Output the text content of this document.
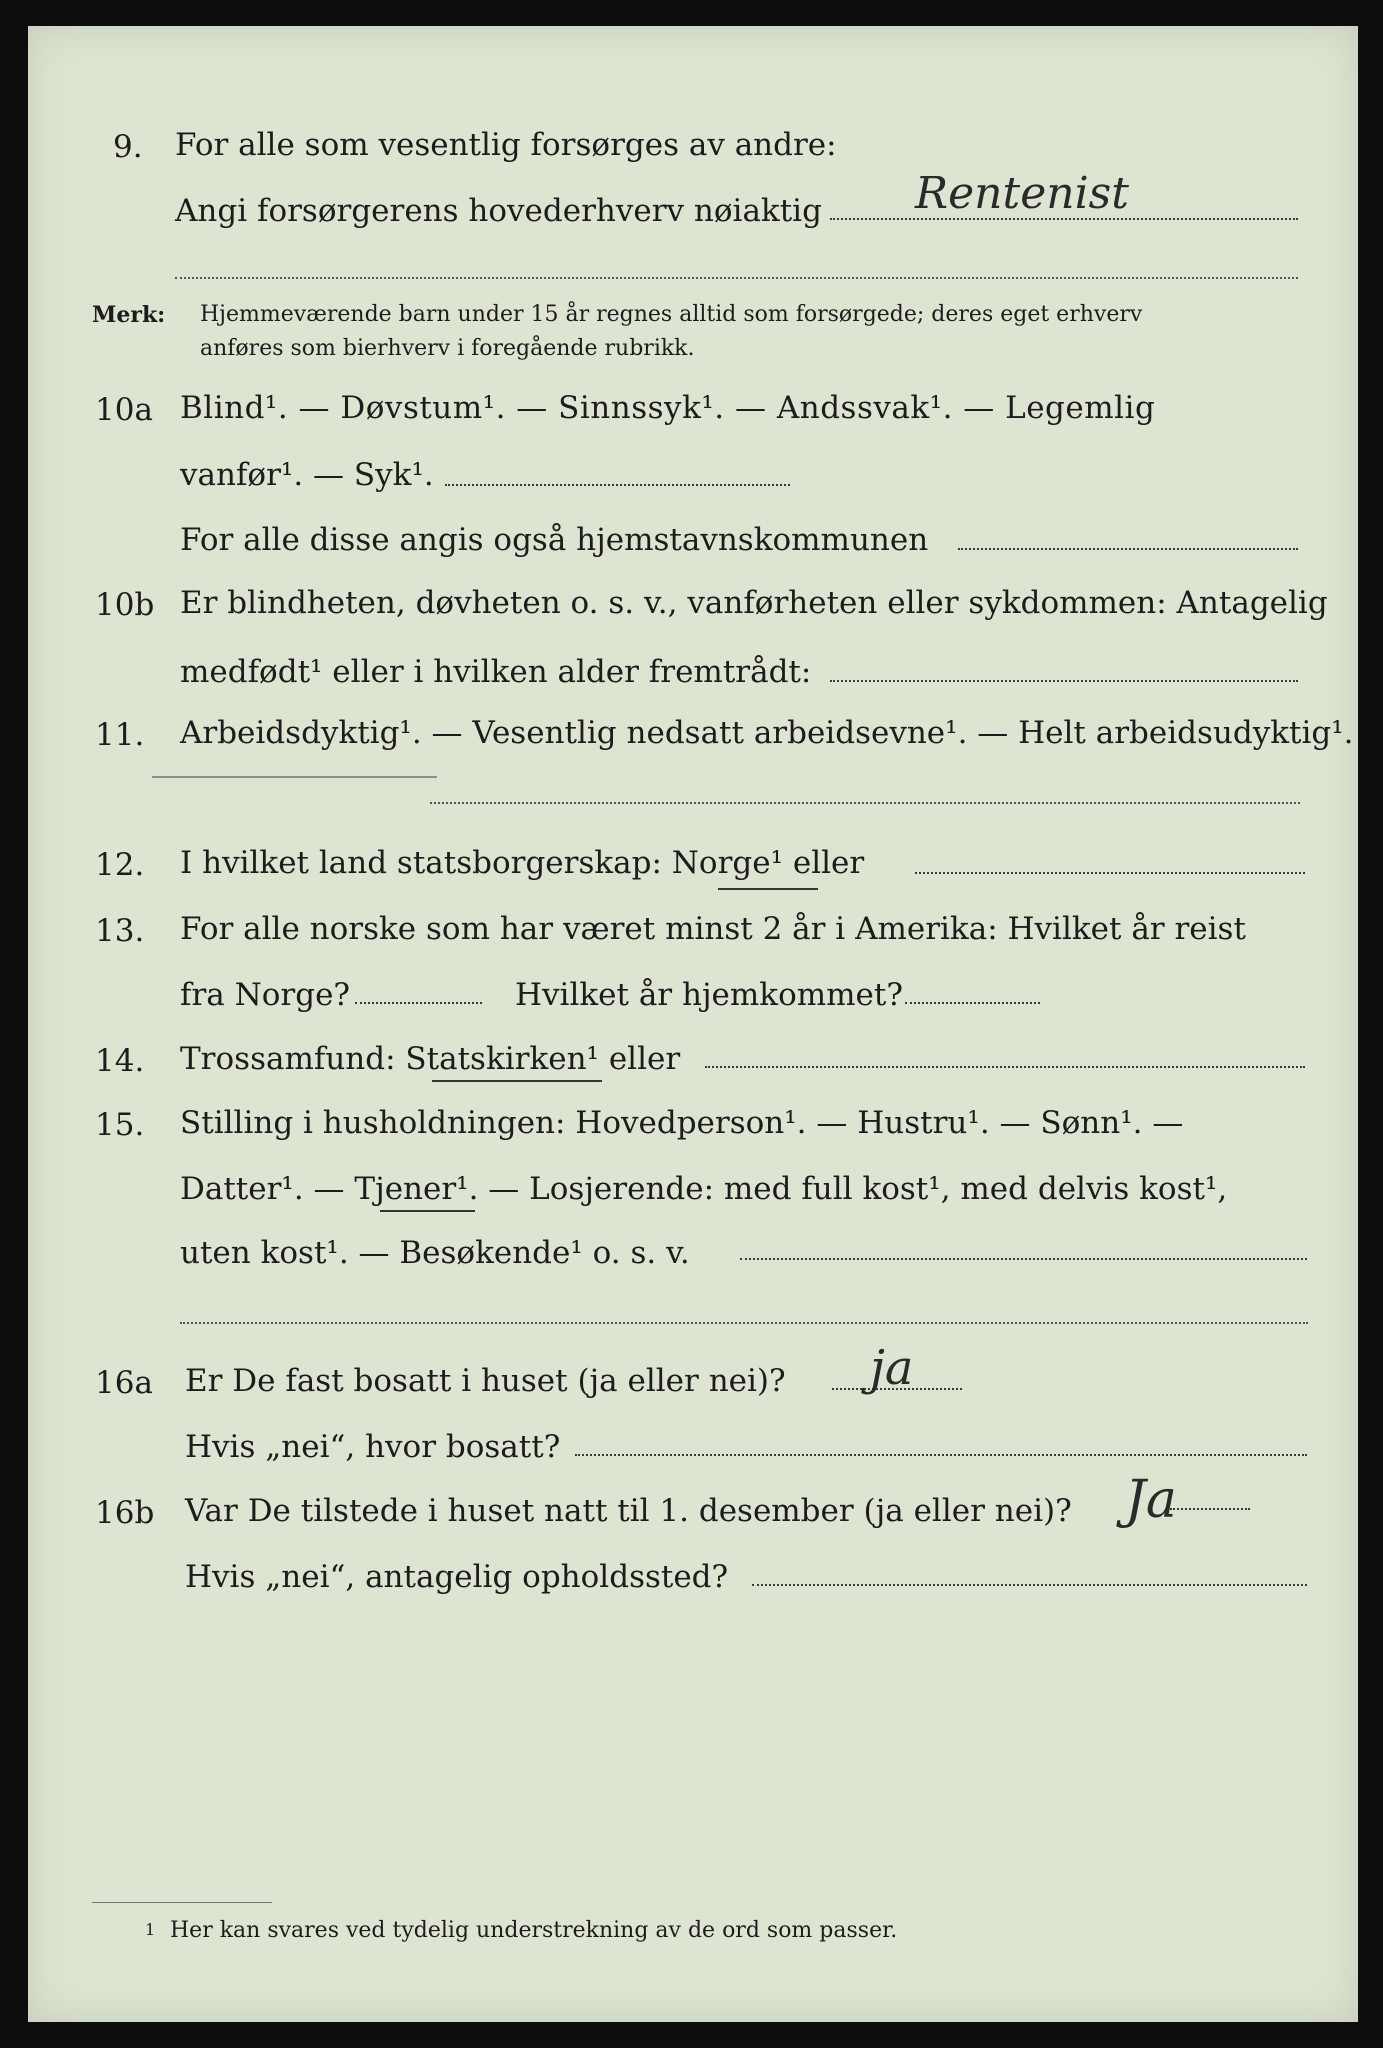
9. For alle som vesentlig forsørges av andre:
Angi forsørgerens hovederhverv nøiaktig Rentenist
Merk: Hjemmeværende barn under 15 år regnes alltid som forsørgede; deres eget erhverv
anføres som bierhverv i foregående rubrikk.
10a Blind¹. — Døvstum¹. — Sinnssyk¹. — Andssvak¹. — Legemlig
vanfør¹. — Syk¹.
For alle disse angis også hjemstavnskommunen
10b Er blindheten, døvheten o. s. v., vanførheten eller sykdommen: Antagelig
medfødt¹ eller i hvilken alder fremtrådt:
11. Arbeidsdyktig¹. — Vesentlig nedsatt arbeidsevne¹. — Helt arbeidsudyktig¹.
12. I hvilket land statsborgerskap: Norge¹ eller
13. For alle norske som har været minst 2 år i Amerika: Hvilket år reist
fra Norge?	Hvilket år hjemkommet?
14. Trossamfund: Statskirken¹ eller
15. Stilling i husholdningen: Hovedperson¹. — Hustru¹. — Sønn¹. —
Datter¹. — Tjener¹. — Losjerende: med full kost¹, med delvis kost¹,
uten kost¹. — Besøkende¹ o. s. v.
16a Er De fast bosatt i huset (ja eller nei)? ja
Hvis „nei“, hvor bosatt?
16b Var De tilstede i huset natt til 1. desember (ja eller nei)? Ja
Hvis „nei“, antagelig opholdssted?
1 Her kan svares ved tydelig understrekning av de ord som passer.
